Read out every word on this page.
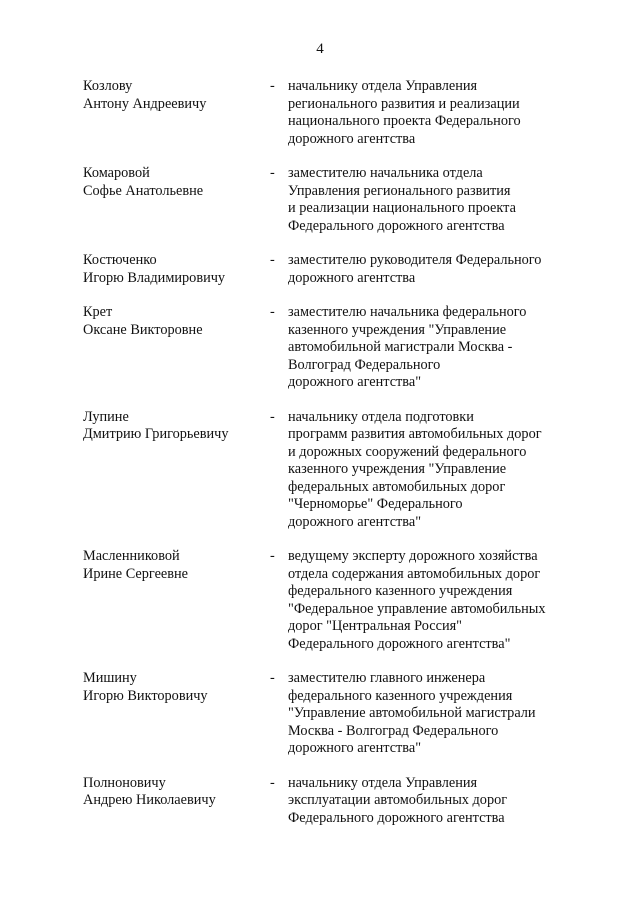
4
Козлову
Антону Андреевичу
- начальнику отдела Управления
регионального развития и реализации
национального проекта Федерального
дорожного агентства
Комаровой
Софье Анатольевне
- заместителю начальника отдела
Управления регионального развития
и реализации национального проекта
Федерального дорожного агентства
Костюченко
Игорю Владимировичу
- заместителю руководителя Федерального
дорожного агентства
Крет
Оксане Викторовне
- заместителю начальника федерального
казенного учреждения "Управление
автомобильной магистрали Москва -
Волгоград Федерального
дорожного агентства"
Лупине
Дмитрию Григорьевичу
- начальнику отдела подготовки
программ развития автомобильных дорог
и дорожных сооружений федерального
казенного учреждения "Управление
федеральных автомобильных дорог
"Черноморье" Федерального
дорожного агентства"
Масленниковой
Ирине Сергеевне
- ведущему эксперту дорожного хозяйства
отдела содержания автомобильных дорог
федерального казенного учреждения
"Федеральное управление автомобильных
дорог "Центральная Россия"
Федерального дорожного агентства"
Мишину
Игорю Викторовичу
- заместителю главного инженера
федерального казенного учреждения
"Управление автомобильной магистрали
Москва - Волгоград Федерального
дорожного агентства"
Полноновичу
Андрею Николаевичу
- начальнику отдела Управления
эксплуатации автомобильных дорог
Федерального дорожного агентства
